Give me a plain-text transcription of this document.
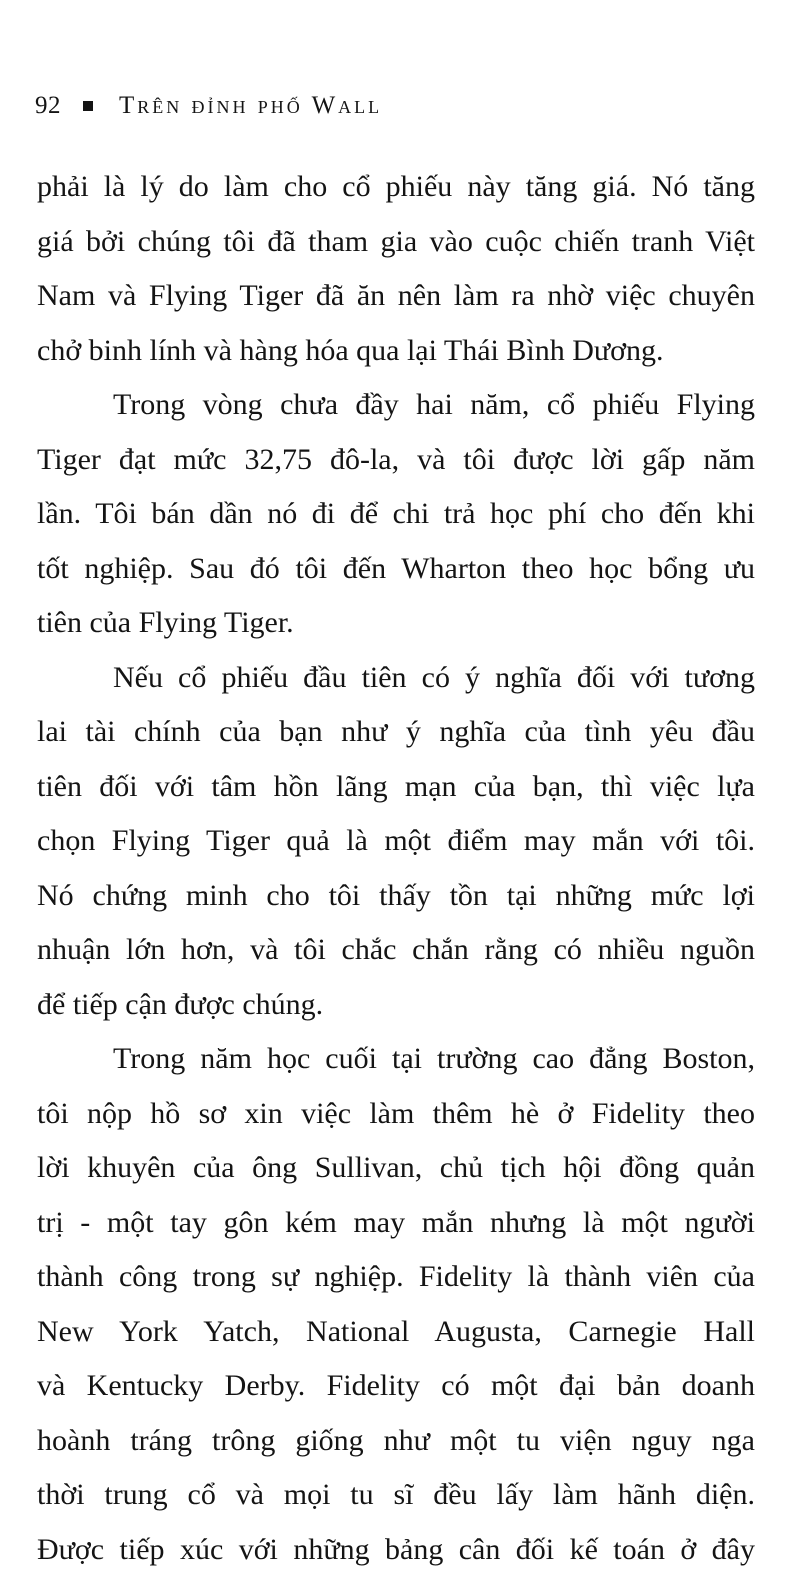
92 Trên đỉnh phố Wall
phải là lý do làm cho cổ phiếu này tăng giá. Nó tăng
giá bởi chúng tôi đã tham gia vào cuộc chiến tranh Việt
Nam và Flying Tiger đã ăn nên làm ra nhờ việc chuyên
chở binh lính và hàng hóa qua lại Thái Bình Dương.
Trong vòng chưa đầy hai năm, cổ phiếu Flying
Tiger đạt mức 32,75 đô-la, và tôi được lời gấp năm
lần. Tôi bán dần nó đi để chi trả học phí cho đến khi
tốt nghiệp. Sau đó tôi đến Wharton theo học bổng ưu
tiên của Flying Tiger.
Nếu cổ phiếu đầu tiên có ý nghĩa đối với tương
lai tài chính của bạn như ý nghĩa của tình yêu đầu
tiên đối với tâm hồn lãng mạn của bạn, thì việc lựa
chọn Flying Tiger quả là một điểm may mắn với tôi.
Nó chứng minh cho tôi thấy tồn tại những mức lợi
nhuận lớn hơn, và tôi chắc chắn rằng có nhiều nguồn
để tiếp cận được chúng.
Trong năm học cuối tại trường cao đẳng Boston,
tôi nộp hồ sơ xin việc làm thêm hè ở Fidelity theo
lời khuyên của ông Sullivan, chủ tịch hội đồng quản
trị - một tay gôn kém may mắn nhưng là một người
thành công trong sự nghiệp. Fidelity là thành viên của
New York Yatch, National Augusta, Carnegie Hall
và Kentucky Derby. Fidelity có một đại bản doanh
hoành tráng trông giống như một tu viện nguy nga
thời trung cổ và mọi tu sĩ đều lấy làm hãnh diện.
Được tiếp xúc với những bảng cân đối kế toán ở đây
